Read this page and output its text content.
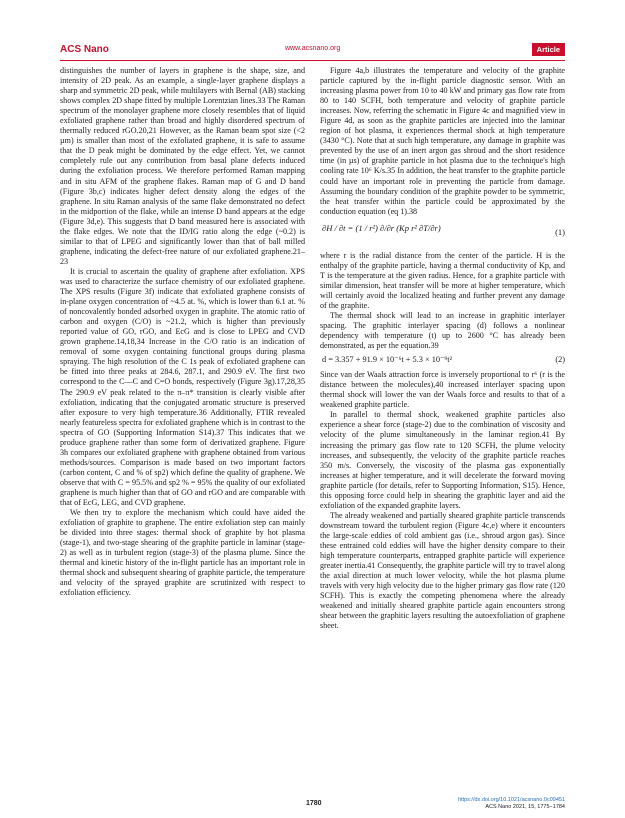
ACS Nano	www.acsnano.org	Article

distinguishes the number of layers in graphene is the shape, size, and intensity of 2D peak. As an example, a single-layer graphene displays a sharp and symmetric 2D peak, while multilayers with Bernal (AB) stacking shows complex 2D shape fitted by multiple Lorentzian lines.33 The Raman spectrum of the monolayer graphene more closely resembles that of liquid exfoliated graphene rather than broad and highly disordered spectrum of thermally reduced rGO.20,21 However, as the Raman beam spot size (<2 µm) is smaller than most of the exfoliated graphene, it is safe to assume that the D peak might be dominated by the edge effect. Yet, we cannot completely rule out any contribution from basal plane defects induced during the exfoliation process. We therefore performed Raman mapping and in situ AFM of the graphene flakes. Raman map of G and D band (Figure 3b,c) indicates higher defect density along the edges of the graphene. In situ Raman analysis of the same flake demonstrated no defect in the midportion of the flake, while an intense D band appears at the edge (Figure 3d,e). This suggests that D band measured here is associated with the flake edges. We note that the ID/IG ratio along the edge (~0.2) is similar to that of LPEG and significantly lower than that of ball milled graphene, indicating the defect-free nature of our exfoliated graphene.21–23

It is crucial to ascertain the quality of graphene after exfoliation. XPS was used to characterize the surface chemistry of our exfoliated graphene. The XPS results (Figure 3f) indicate that exfoliated graphene consists of in-plane oxygen concentration of ~4.5 at. %, which is lower than 6.1 at. % of noncovalently bonded adsorbed oxygen in graphite. The atomic ratio of carbon and oxygen (C/O) is ~21.2, which is higher than previously reported value of GO, rGO, and EcG and is close to LPEG and CVD grown graphene.14,18,34 Increase in the C/O ratio is an indication of removal of some oxygen containing functional groups during plasma spraying. The high resolution of the C 1s peak of exfoliated graphene can be fitted into three peaks at 284.6, 287.1, and 290.9 eV. The first two correspond to the C—C and C=O bonds, respectively (Figure 3g).17,28,35 The 290.9 eV peak related to the π–π* transition is clearly visible after exfoliation, indicating that the conjugated aromatic structure is preserved after exposure to very high temperature.36 Additionally, FTIR revealed nearly featureless spectra for exfoliated graphene which is in contrast to the spectra of GO (Supporting Information S14).37 This indicates that we produce graphene rather than some form of derivatized graphene. Figure 3h compares our exfoliated graphene with graphene obtained from various methods/sources. Comparison is made based on two important factors (carbon content, C and % of sp2) which define the quality of graphene. We observe that with C = 95.5% and sp2 % = 95% the quality of our exfoliated graphene is much higher than that of GO and rGO and are comparable with that of EcG, LEG, and CVD graphene.

We then try to explore the mechanism which could have aided the exfoliation of graphite to graphene. The entire exfoliation step can mainly be divided into three stages: thermal shock of graphite by hot plasma (stage-1), and two-stage shearing of the graphite particle in laminar (stage-2) as well as in turbulent region (stage-3) of the plasma plume. Since the thermal and kinetic history of the in-flight particle has an important role in thermal shock and subsequent shearing of graphite particle, the temperature and velocity of the sprayed graphite are scrutinized with respect to exfoliation efficiency.

Figure 4a,b illustrates the temperature and velocity of the graphite particle captured by the in-flight particle diagnostic sensor. With an increasing plasma power from 10 to 40 kW and primary gas flow rate from 80 to 140 SCFH, both temperature and velocity of graphite particle increases. Now, referring the schematic in Figure 4c and magnified view in Figure 4d, as soon as the graphite particles are injected into the laminar region of hot plasma, it experiences thermal shock at high temperature (3430 °C). Note that at such high temperature, any damage in graphite was prevented by the use of an inert argon gas shroud and the short residence time (in µs) of graphite particle in hot plasma due to the technique's high cooling rate 10⁶ K/s.35 In addition, the heat transfer to the graphite particle could have an important role in preventing the particle from damage. Assuming the boundary condition of the graphite powder to be symmetric, the heat transfer within the particle could be approximated by the conduction equation (eq 1).38

∂H / ∂t = (1 / r²) ∂/∂r (Kp r² ∂T/∂r)	(1)

where r is the radial distance from the center of the particle. H is the enthalpy of the graphite particle, having a thermal conductivity of Kp, and T is the temperature at the given radius. Hence, for a graphite particle with similar dimension, heat transfer will be more at higher temperature, which will certainly avoid the localized heating and further prevent any damage of the graphite.

The thermal shock will lead to an increase in graphitic interlayer spacing. The graphitic interlayer spacing (d) follows a nonlinear dependency with temperature (t) up to 2600 °C has already been demonstrated, as per the equation.39

d = 3.357 + 91.9 × 10⁻⁶t + 5.3 × 10⁻⁹t²	(2)

Since van der Waals attraction force is inversely proportional to r⁶ (r is the distance between the molecules),40 increased interlayer spacing upon thermal shock will lower the van der Waals force and results to that of a weakened graphite particle.

In parallel to thermal shock, weakened graphite particles also experience a shear force (stage-2) due to the combination of viscosity and velocity of the plume simultaneously in the laminar region.41 By increasing the primary gas flow rate to 120 SCFH, the plume velocity increases, and subsequently, the velocity of the graphite particle reaches 350 m/s. Conversely, the viscosity of the plasma gas exponentially increases at higher temperature, and it will decelerate the forward moving graphite particle (for details, refer to Supporting Information, S15). Hence, this opposing force could help in shearing the graphitic layer and aid the exfoliation of the expanded graphite layers.

The already weakened and partially sheared graphite particle transcends downstream toward the turbulent region (Figure 4c,e) where it encounters the large-scale eddies of cold ambient gas (i.e., shroud argon gas). Since these entrained cold eddies will have the higher density compare to their high temperature counterparts, entrapped graphite particle will experience greater inertia.41 Consequently, the graphite particle will try to travel along the axial direction at much lower velocity, while the hot plasma plume travels with very high velocity due to the higher primary gas flow rate (120 SCFH). This is exactly the competing phenomena where the already weakened and initially sheared graphite particle again encounters strong shear between the graphitic layers resulting the autoexfoliation of graphene sheet.

1780	https://dx.doi.org/10.1021/acsnano.0c09451
ACS Nano 2021, 15, 1775−1784
